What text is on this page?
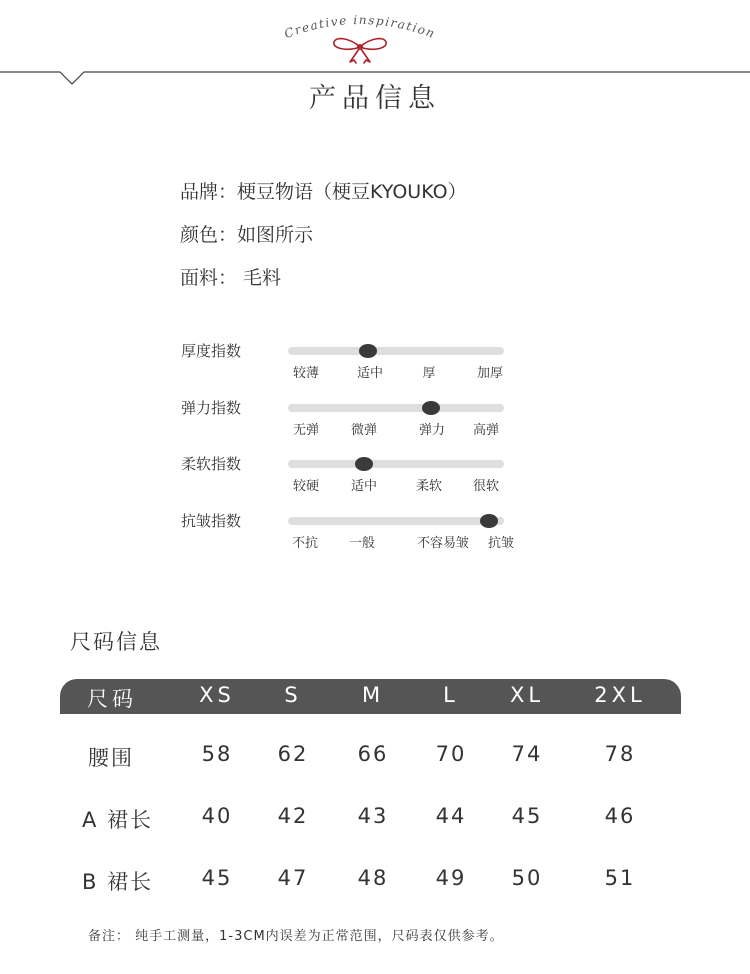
Creative inspiration
产品信息
品牌：梗豆物语（梗豆KYOUKO）
颜色：如图所示
面料： 毛料
厚度指数
较薄	适中	厚	加厚
弹力指数
无弹 微弹	弹力 高弹
柔软指数
较硬 适中	柔软 很软
抗皱指数
不抗 一般	不容易皱 抗皱
尺码信息
尺码	XS S	M	L XL 2XL
腰围	58 62 66 70 74	78
A 裙长 40 42 43 44 45	46
B 裙长 45 47 48 49 50	51
备注： 纯手工测量，1-3CM内误差为正常范围，尺码表仅供参考。
